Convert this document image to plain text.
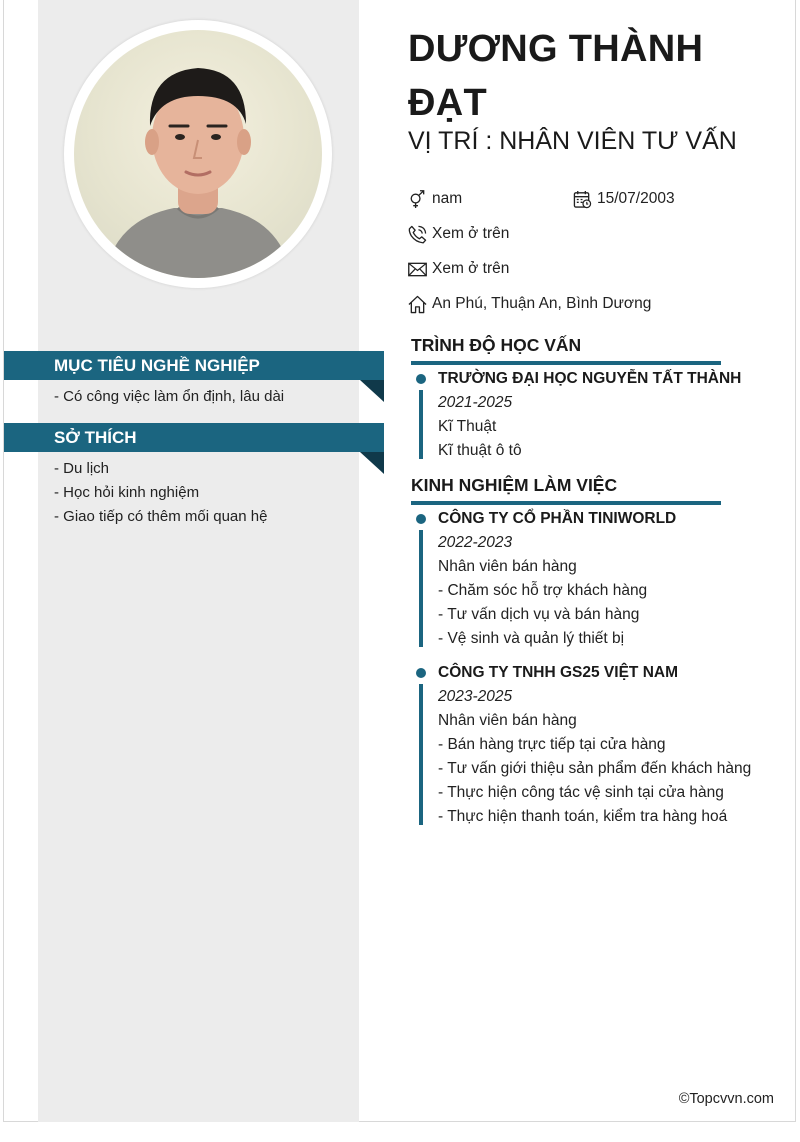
MỤC TIÊU NGHỀ NGHIỆP
- Có công việc làm ổn định, lâu dài
SỞ THÍCH
- Du lịch
- Học hỏi kinh nghiệm
- Giao tiếp có thêm mối quan hệ
DƯƠNG THÀNH ĐẠT
VỊ TRÍ : NHÂN VIÊN TƯ VẤN
nam	15/07/2003
Xem ở trên
Xem ở trên
An Phú, Thuận An, Bình Dương
TRÌNH ĐỘ HỌC VẤN
TRƯỜNG ĐẠI HỌC NGUYỄN TẤT THÀNH
2021-2025
Kĩ Thuật
Kĩ thuật ô tô
KINH NGHIỆM LÀM VIỆC
CÔNG TY CỔ PHẦN TINIWORLD
2022-2023
Nhân viên bán hàng
- Chăm sóc hỗ trợ khách hàng
- Tư vấn dịch vụ và bán hàng
- Vệ sinh và quản lý thiết bị
CÔNG TY TNHH GS25 VIỆT NAM
2023-2025
Nhân viên bán hàng
- Bán hàng trực tiếp tại cửa hàng
- Tư vấn giới thiệu sản phẩm đến khách hàng
- Thực hiện công tác vệ sinh tại cửa hàng
- Thực hiện thanh toán, kiểm tra hàng hoá
©Topcvvn.com
